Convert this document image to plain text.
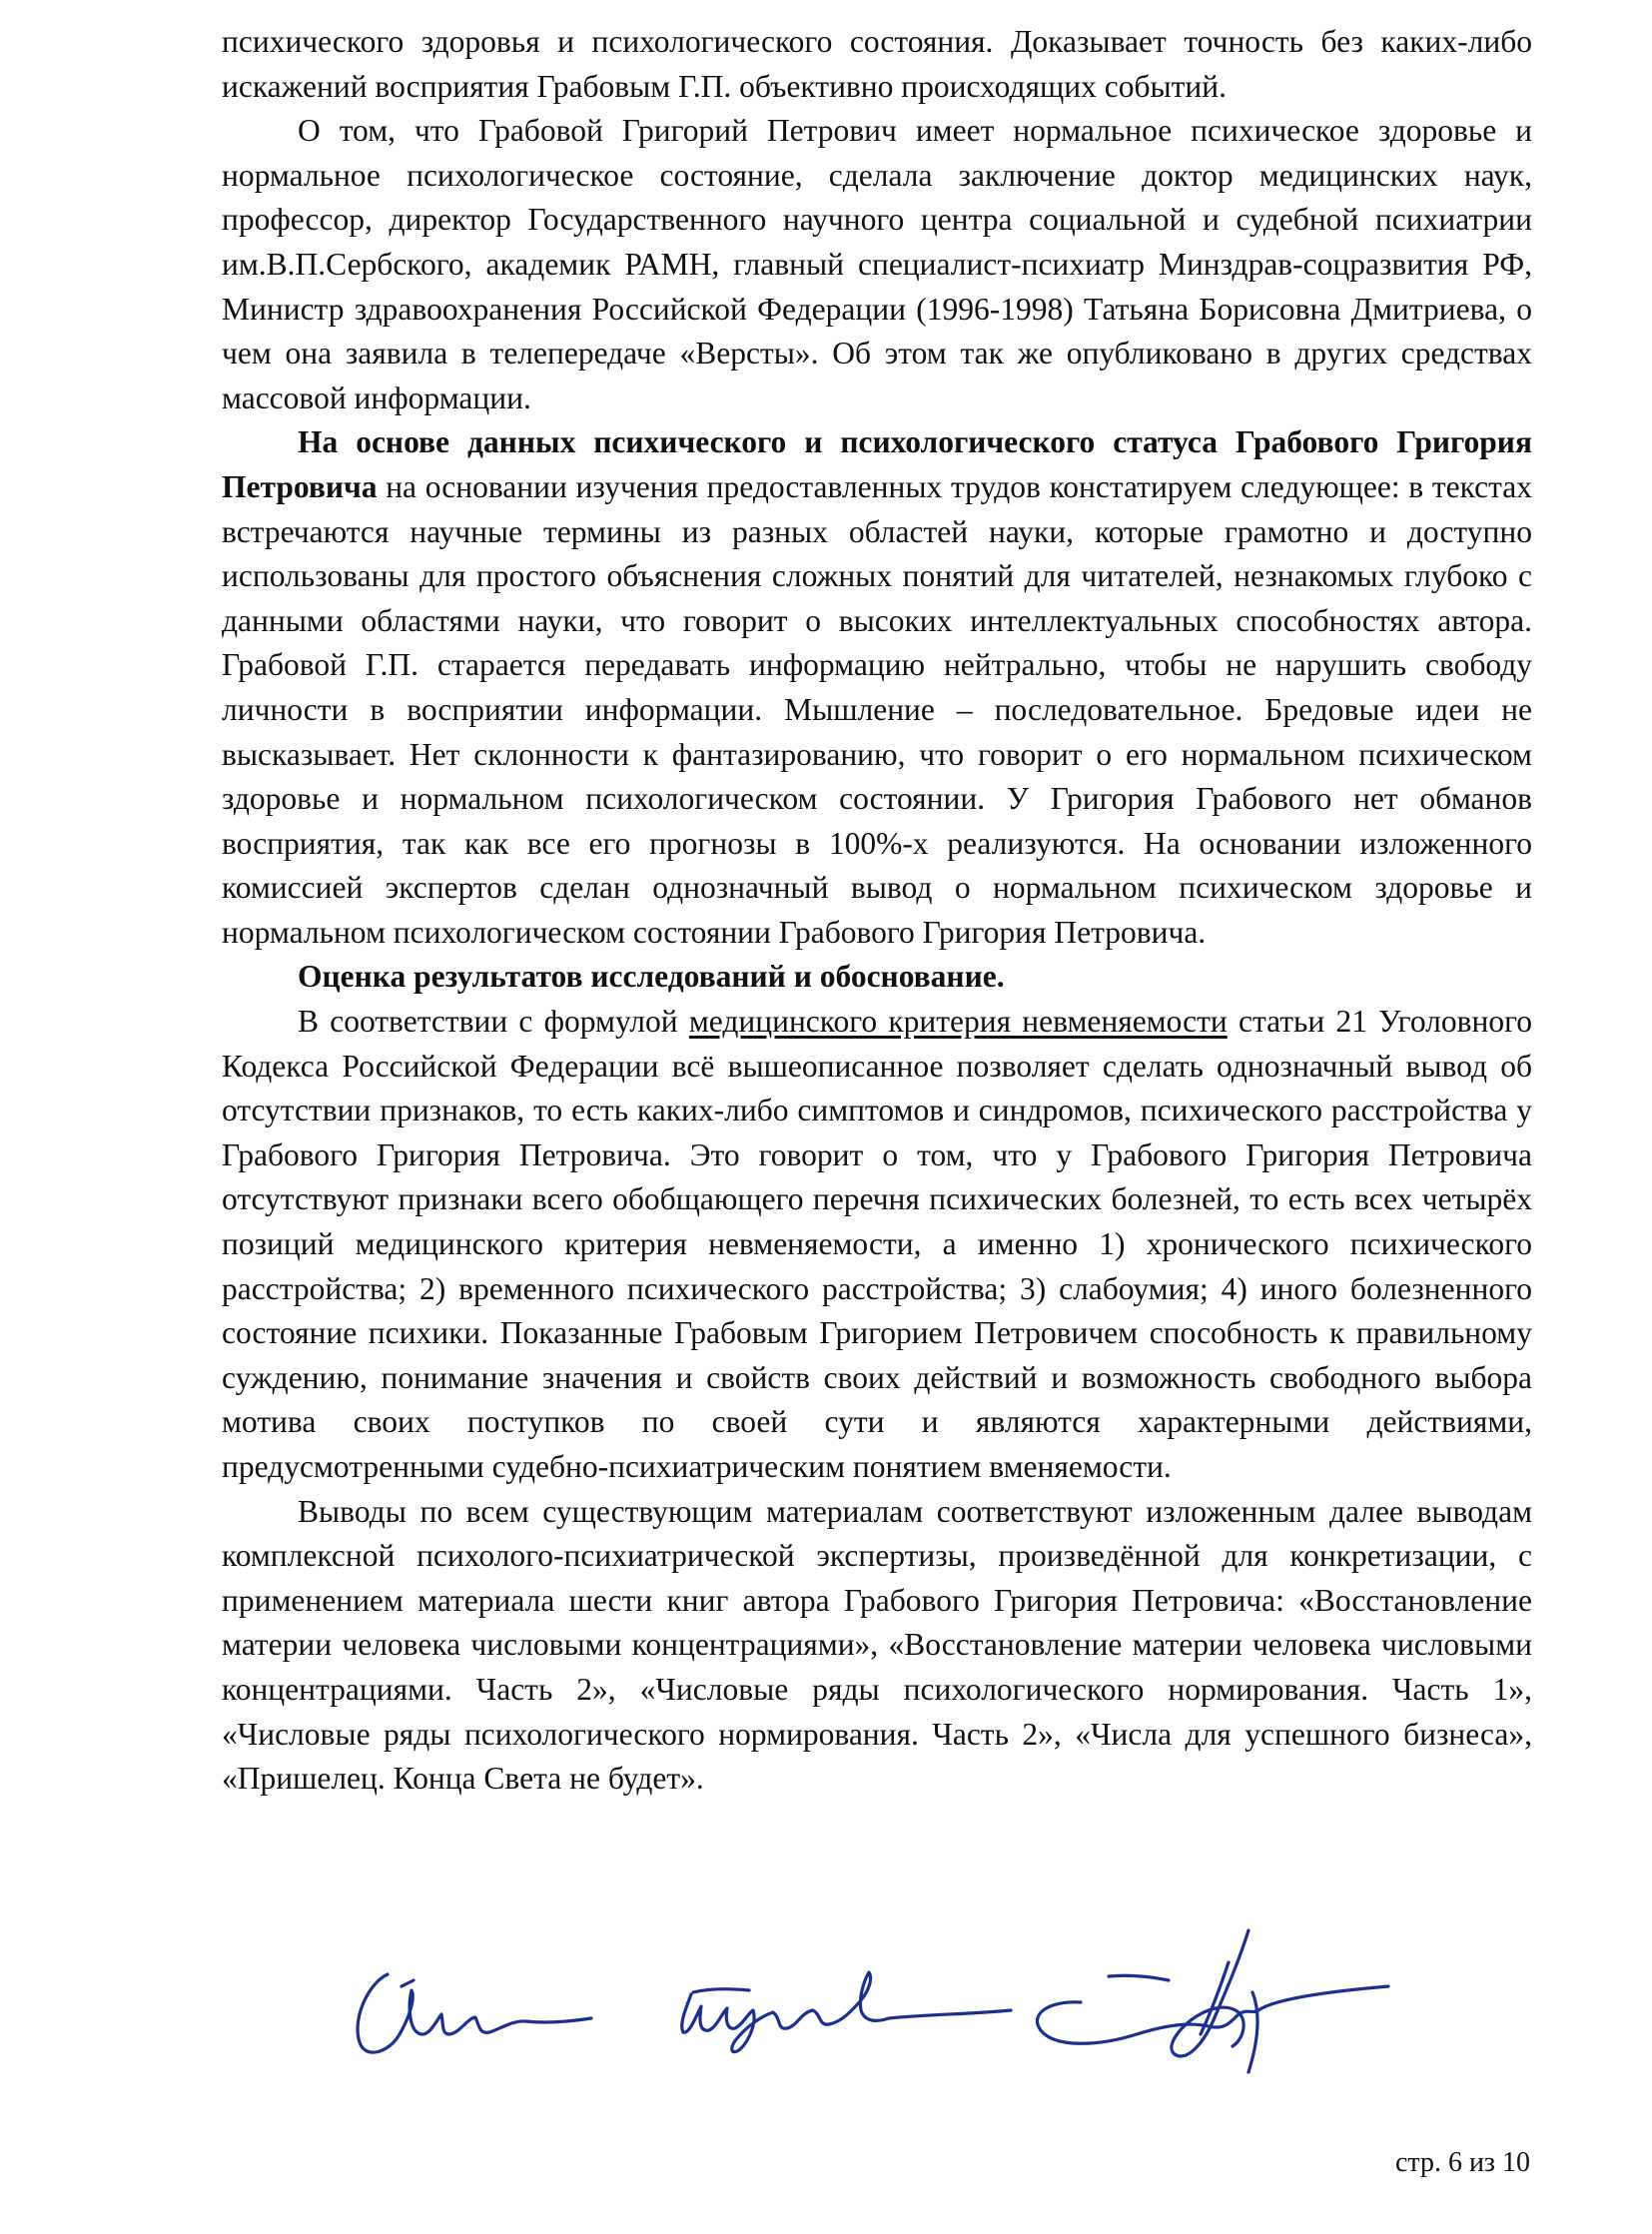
психического здоровья и психологического состояния. Доказывает точность без каких-либо искажений восприятия Грабовым Г.П. объективно происходящих событий.

О том, что Грабовой Григорий Петрович имеет нормальное психическое здоровье и нормальное психологическое состояние, сделала заключение доктор медицинских наук, профессор, директор Государственного научного центра социальной и судебной психиатрии им.В.П.Сербского, академик РАМН, главный специалист-психиатр Минздрав-соцразвития РФ, Министр здравоохранения Российской Федерации (1996-1998) Татьяна Борисовна Дмитриева, о чем она заявила в телепередаче «Версты». Об этом так же опубликовано в других средствах массовой информации.

На основе данных психического и психологического статуса Грабового Григория Петровича на основании изучения предоставленных трудов констатируем следующее: в текстах встречаются научные термины из разных областей науки, которые грамотно и доступно использованы для простого объяснения сложных понятий для читателей, незнакомых глубоко с данными областями науки, что говорит о высоких интеллектуальных способностях автора. Грабовой Г.П. старается передавать информацию нейтрально, чтобы не нарушить свободу личности в восприятии информации. Мышление – последовательное. Бредовые идеи не высказывает. Нет склонности к фантазированию, что говорит о его нормальном психическом здоровье и нормальном психологическом состоянии. У Григория Грабового нет обманов восприятия, так как все его прогнозы в 100%-х реализуются. На основании изложенного комиссией экспертов сделан однозначный вывод о нормальном психическом здоровье и нормальном психологическом состоянии Грабового Григория Петровича.

Оценка результатов исследований и обоснование.

В соответствии с формулой медицинского критерия невменяемости статьи 21 Уголовного Кодекса Российской Федерации всё вышеописанное позволяет сделать однозначный вывод об отсутствии признаков, то есть каких-либо симптомов и синдромов, психического расстройства у Грабового Григория Петровича. Это говорит о том, что у Грабового Григория Петровича отсутствуют признаки всего обобщающего перечня психических болезней, то есть всех четырёх позиций медицинского критерия невменяемости, а именно 1) хронического психического расстройства; 2) временного психического расстройства; 3) слабоумия; 4) иного болезненного состояние психики. Показанные Грабовым Григорием Петровичем способность к правильному суждению, понимание значения и свойств своих действий и возможность свободного выбора мотива своих поступков по своей сути и являются характерными действиями, предусмотренными судебно-психиатрическим понятием вменяемости.

Выводы по всем существующим материалам соответствуют изложенным далее выводам комплексной психолого-психиатрической экспертизы, произведённой для конкретизации, с применением материала шести книг автора Грабового Григория Петровича: «Восстановление материи человека числовыми концентрациями», «Восстановление материи человека числовыми концентрациями. Часть 2», «Числовые ряды психологического нормирования. Часть 1», «Числовые ряды психологического нормирования. Часть 2», «Числа для успешного бизнеса», «Пришелец. Конца Света не будет».

стр. 6 из 10
